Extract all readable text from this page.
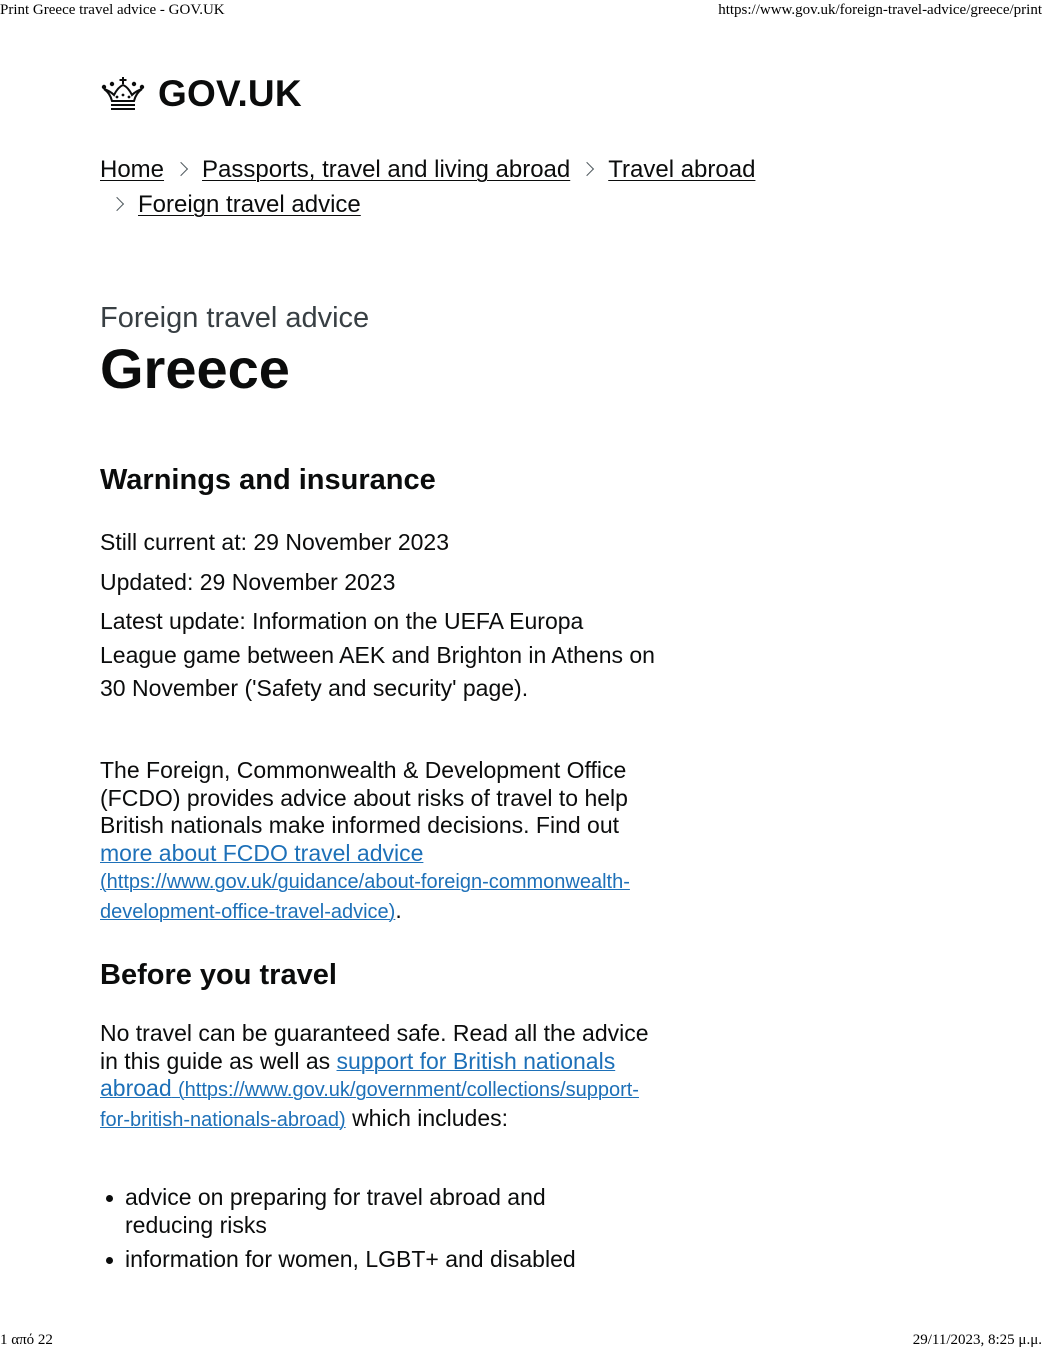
Print Greece travel advice - GOV.UK	https://www.gov.uk/foreign-travel-advice/greece/print
GOV.UK
Home Passports, travel and living abroad Travel abroad
Foreign travel advice
Foreign travel advice
Greece
Warnings and insurance

Still current at: 29 November 2023

Updated: 29 November 2023

Latest update: Information on the UEFA Europa League game between AEK and Brighton in Athens on 30 November ('Safety and security' page).

The Foreign, Commonwealth & Development Office (FCDO) provides advice about risks of travel to help British nationals make informed decisions. Find out more about FCDO travel advice (https://www.gov.uk/guidance/about-foreign-commonwealth-development-office-travel-advice).

Before you travel

No travel can be guaranteed safe. Read all the advice in this guide as well as support for British nationals abroad (https://www.gov.uk/government/collections/support-for-british-nationals-abroad) which includes:

advice on preparing for travel abroad and reducing risks
information for women, LGBT+ and disabled
1 από 22	29/11/2023, 8:25 μ.μ.
